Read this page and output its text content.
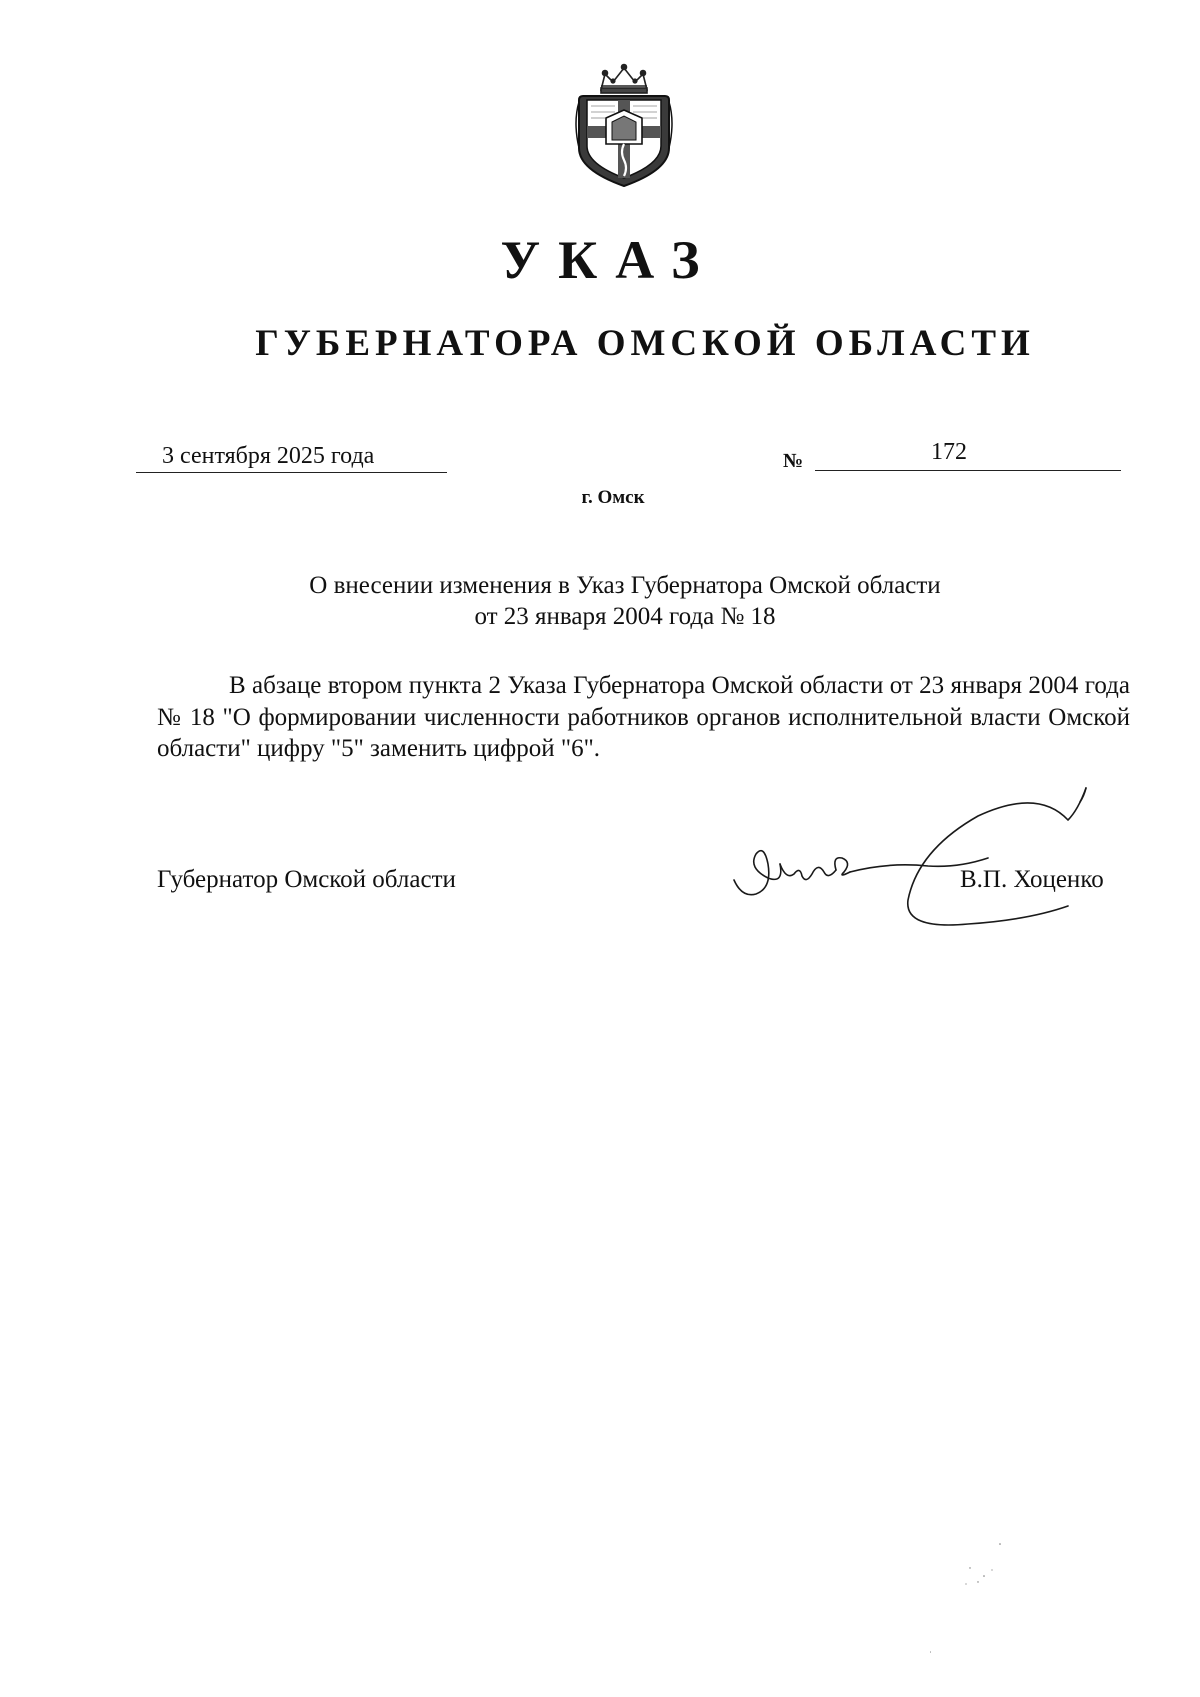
УКАЗ
ГУБЕРНАТОРА ОМСКОЙ ОБЛАСТИ
3 сентября 2025 года	№	172
г. Омск
О внесении изменения в Указ Губернатора Омской области
от 23 января 2004 года № 18

В абзаце втором пункта 2 Указа Губернатора Омской области от 23 января 2004 года № 18 "О формировании численности работников органов исполнительной власти Омской области" цифру "5" заменить цифрой "6".

Губернатор Омской области	В.П. Хоценко
